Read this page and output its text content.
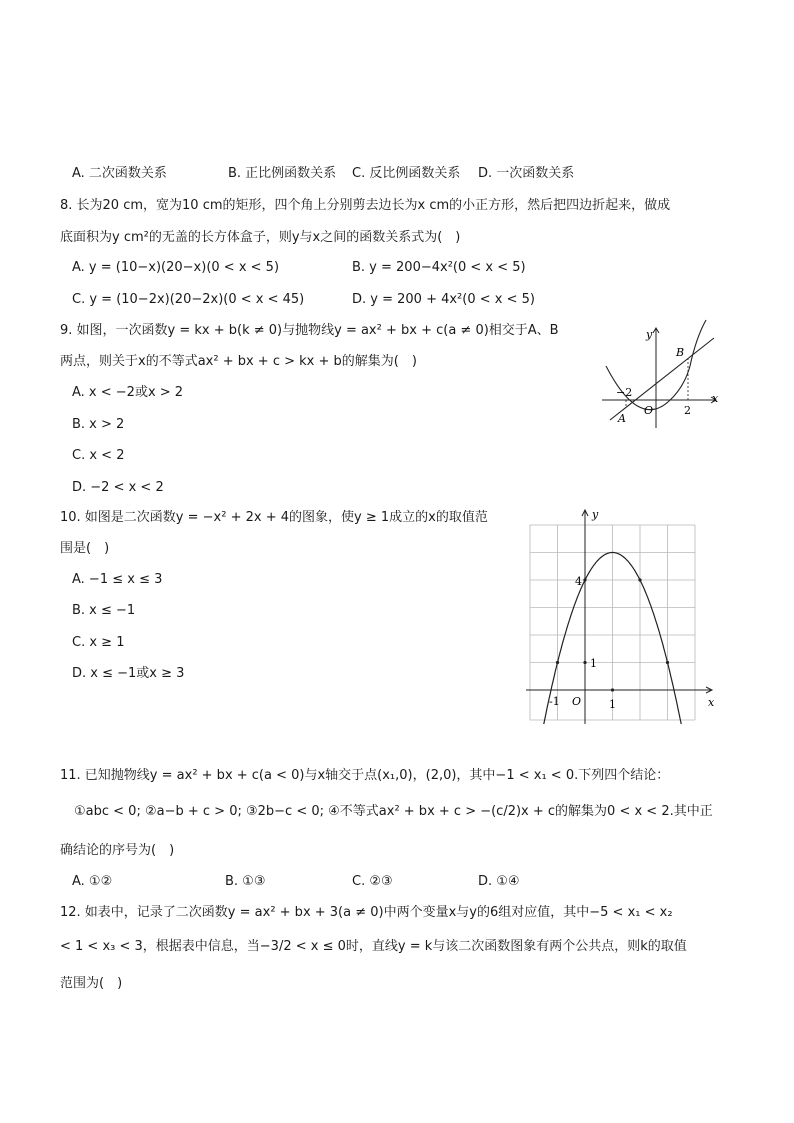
A. 二次函数关系	B. 正比例函数关系 C. 反比例函数关系 D. 一次函数关系
8. 长为20 cm，宽为10 cm的矩形，四个角上分别剪去边长为x cm的小正方形，然后把四边折起来，做成
底面积为y cm²的无盖的长方体盒子，则y与x之间的函数关系式为(　)
A. y = (10−x)(20−x)(0 < x < 5)	B. y = 200−4x²(0 < x < 5)
C. y = (10−2x)(20−2x)(0 < x < 45)	D. y = 200 + 4x²(0 < x < 5)
9. 如图，一次函数y = kx + b(k ≠ 0)与抛物线y = ax² + bx + c(a ≠ 0)相交于A、B
两点，则关于x的不等式ax² + bx + c > kx + b的解集为(　)
A. x < −2或x > 2
B. x > 2
C. x < 2
D. −2 < x < 2
y
x
O
A
B
−2
2
10. 如图是二次函数y = −x² + 2x + 4的图象，使y ≥ 1成立的x的取值范
围是(　)
A. −1 ≤ x ≤ 3
B. x ≤ −1
C. x ≥ 1
D. x ≤ −1或x ≥ 3
y
x
O
4
1
1
-1
11. 已知抛物线y = ax² + bx + c(a < 0)与x轴交于点(x₁,0)，(2,0)，其中−1 < x₁ < 0.下列四个结论：
①abc < 0; ②a−b + c > 0; ③2b−c < 0; ④不等式ax² + bx + c > −(c/2)x + c的解集为0 < x < 2.其中正
确结论的序号为(　)
A. ①②	B. ①③	C. ②③	D. ①④
12. 如表中，记录了二次函数y = ax² + bx + 3(a ≠ 0)中两个变量x与y的6组对应值，其中−5 < x₁ < x₂
< 1 < x₃ < 3，根据表中信息，当−3/2 < x ≤ 0时，直线y = k与该二次函数图象有两个公共点，则k的取值
范围为(　)
